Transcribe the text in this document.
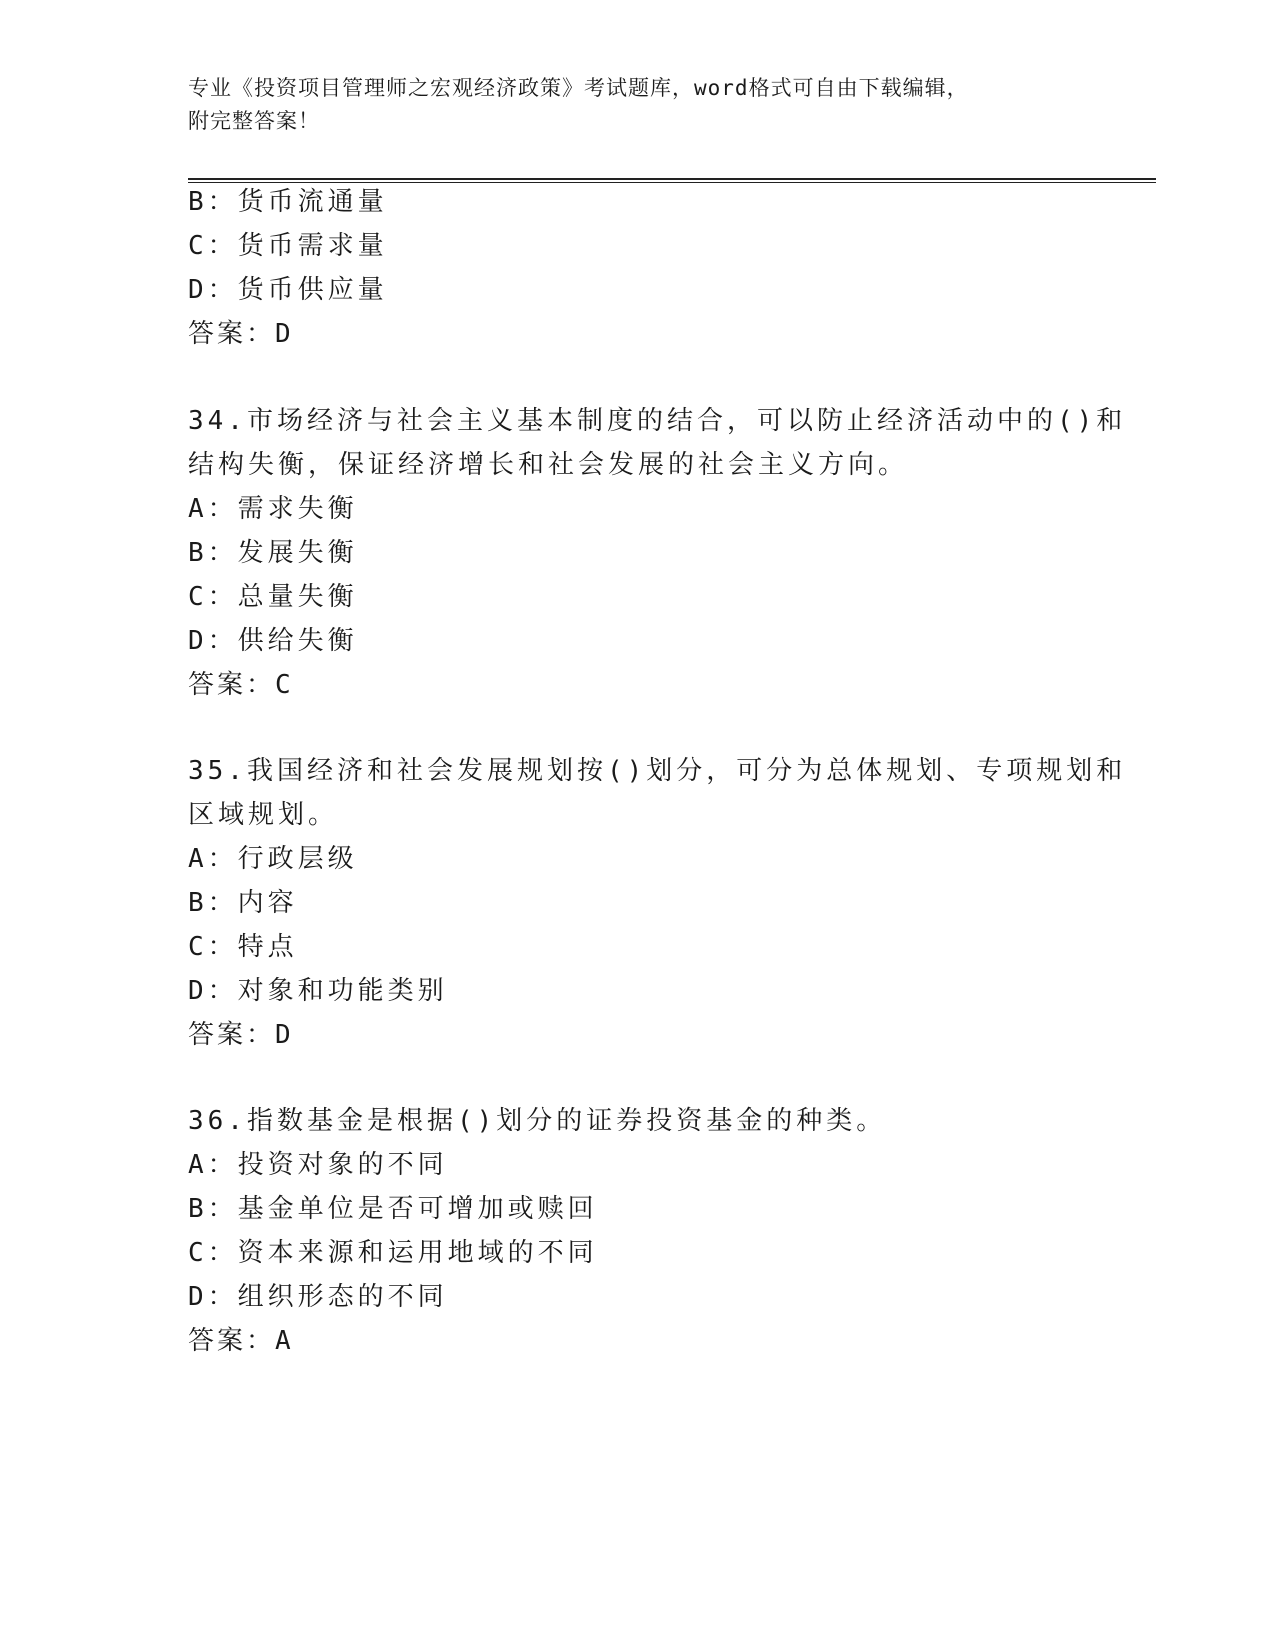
专业《投资项目管理师之宏观经济政策》考试题库，word格式可自由下载编辑，
附完整答案！
B：货币流通量
C：货币需求量
D：货币供应量
答案：D
34.市场经济与社会主义基本制度的结合，可以防止经济活动中的()和
结构失衡，保证经济增长和社会发展的社会主义方向。
A：需求失衡
B：发展失衡
C：总量失衡
D：供给失衡
答案：C
35.我国经济和社会发展规划按()划分，可分为总体规划、专项规划和
区域规划。
A：行政层级
B：内容
C：特点
D：对象和功能类别
答案：D
36.指数基金是根据()划分的证券投资基金的种类。
A：投资对象的不同
B：基金单位是否可增加或赎回
C：资本来源和运用地域的不同
D：组织形态的不同
答案：A
